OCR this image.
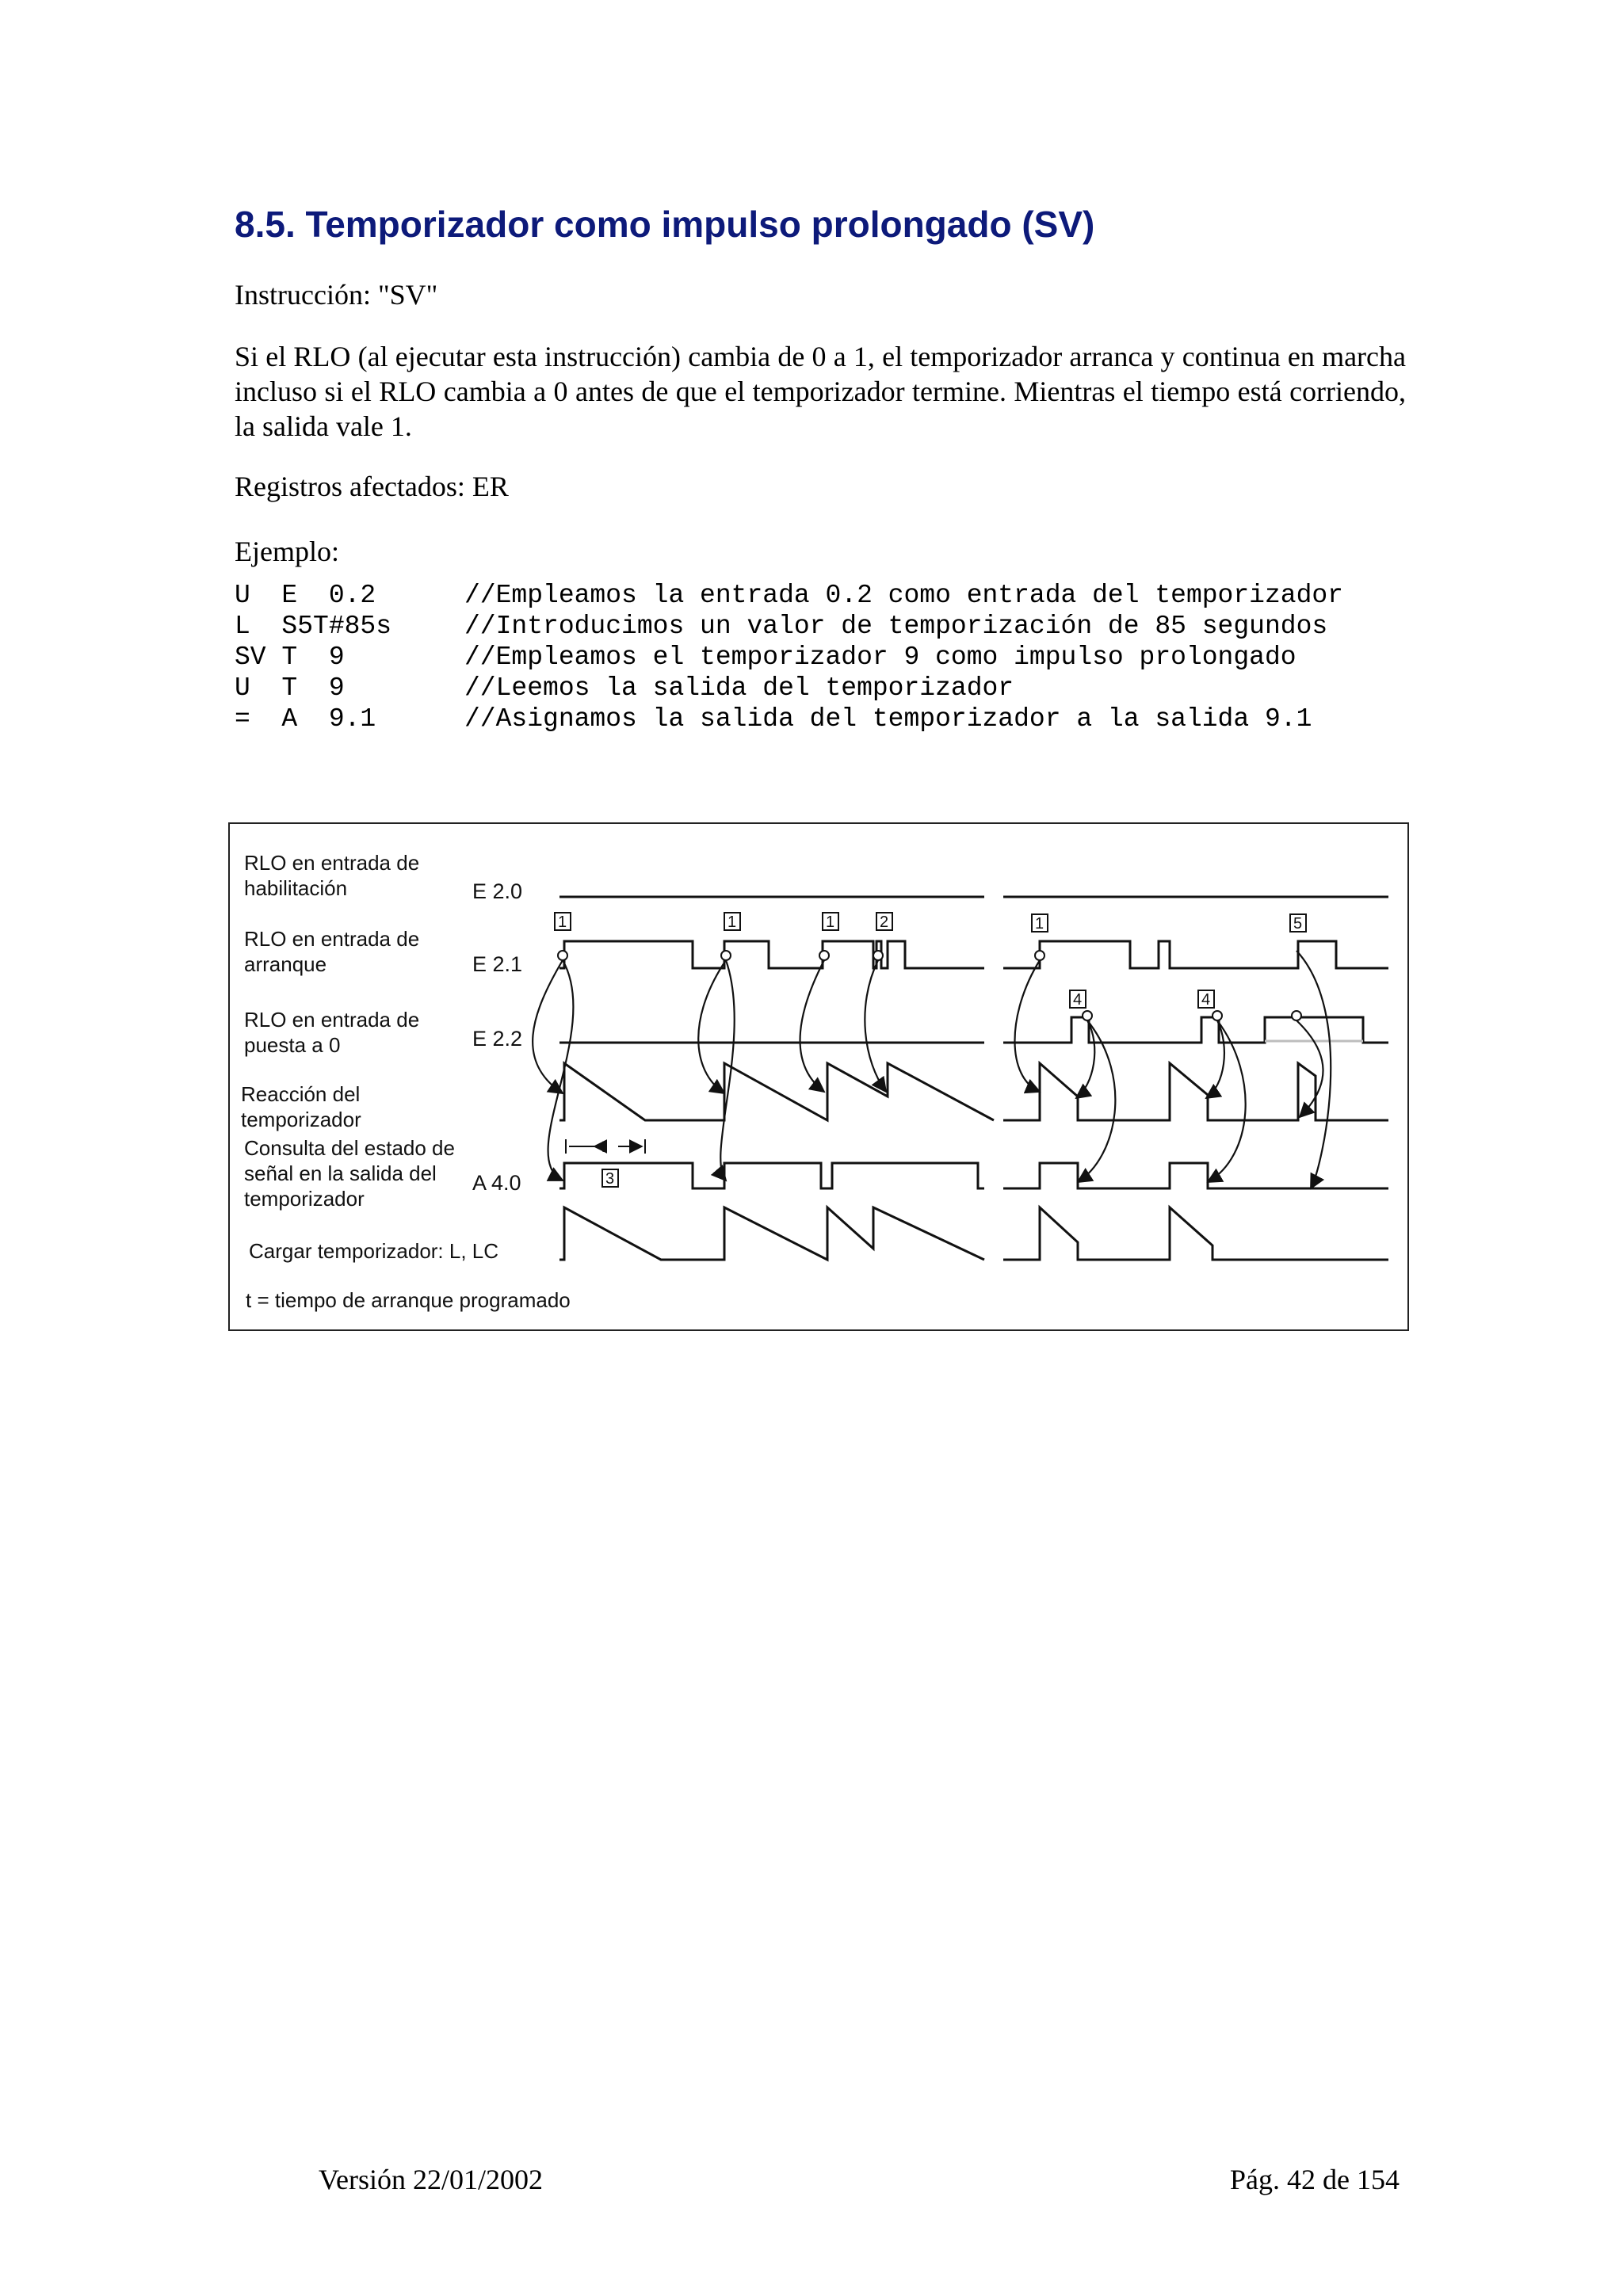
8.5. Temporizador como impulso prolongado (SV)

Instrucción: "SV"

Si el RLO (al ejecutar esta instrucción) cambia de 0 a 1, el temporizador arranca y continua en marcha incluso si el RLO cambia a 0 antes de que el temporizador termine. Mientras el tiempo está corriendo, la salida vale 1.

Registros afectados: ER

Ejemplo:

U  E  0.2	//Empleamos la entrada 0.2 como entrada del temporizador
L  S5T#85s	//Introducimos un valor de temporización de 85 segundos
SV T  9	//Empleamos el temporizador 9 como impulso prolongado
U  T  9	//Leemos la salida del temporizador
=  A  9.1	//Asignamos la salida del temporizador a la salida 9.1
RLO en entrada de
habilitación
RLO en entrada de
arranque
RLO en entrada de
puesta a 0
Reacción del
temporizador
Consulta del estado de
señal en la salida del
temporizador
Cargar temporizador: L, LC
t = tiempo de arranque programado
E 2.0
E 2.1
E 2.2
A 4.0
t
1	1	1	2	1	5
4	4
3
Versión 22/01/2002	Pág. 42 de 154
